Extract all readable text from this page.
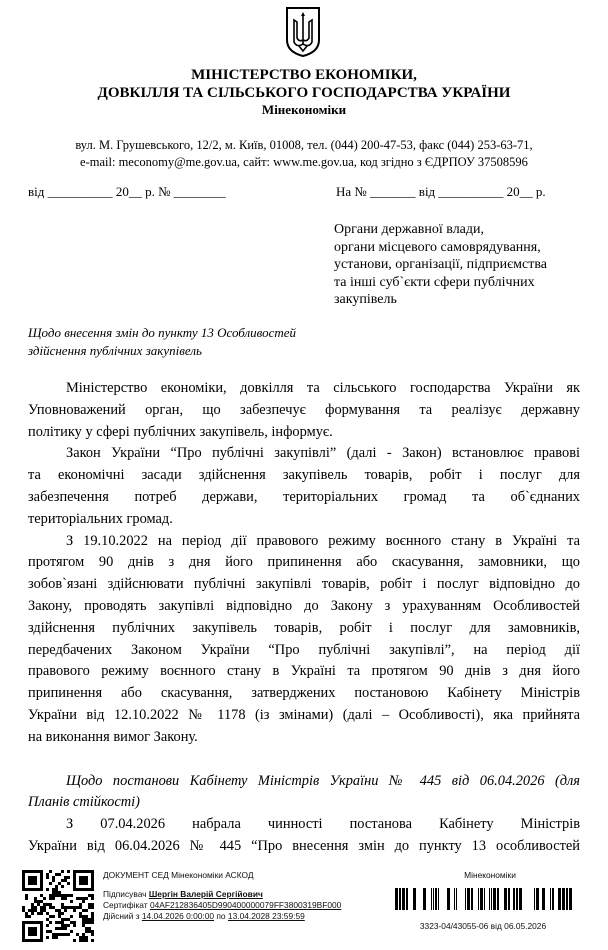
МІНІСТЕРСТВО ЕКОНОМІКИ,
ДОВКІЛЛЯ ТА СІЛЬСЬКОГО ГОСПОДАРСТВА УКРАЇНИ
Мінекономіки
вул. М. Грушевського, 12/2, м. Київ, 01008, тел. (044) 200-47-53, факс (044) 253-63-71,
e-mail: meconomy@me.gov.ua, сайт: www.me.gov.ua, код згідно з ЄДРПОУ 37508596
від __________ 20__ р. № ________	На № _______ від __________ 20__ р.
Органи державної влади,
органи місцевого самоврядування,
установи, організації, підприємства
та інші суб`єкти сфери публічних
закупівель
Щодо внесення змін до пункту 13 Особливостей
здійснення публічних закупівель
Міністерство економіки, довкілля та сільського господарства України як
Уповноважений орган, що забезпечує формування та реалізує державну
політику у сфері публічних закупівель, інформує.
Закон України “Про публічні закупівлі” (далі - Закон) встановлює правові
та економічні засади здійснення закупівель товарів, робіт і послуг для
забезпечення потреб держави, територіальних громад та об`єднаних
територіальних громад.
З 19.10.2022 на період дії правового режиму воєнного стану в Україні та
протягом 90 днів з дня його припинення або скасування, замовники, що
зобов`язані здійснювати публічні закупівлі товарів, робіт і послуг відповідно до
Закону, проводять закупівлі відповідно до Закону з урахуванням Особливостей
здійснення публічних закупівель товарів, робіт і послуг для замовників,
передбачених Законом України “Про публічні закупівлі”, на період дії
правового режиму воєнного стану в Україні та протягом 90 днів з дня його
припинення або скасування, затверджених постановою Кабінету Міністрів
України від 12.10.2022 № 1178 (із змінами) (далі – Особливості), яка прийнята
на виконання вимог Закону.
Щодо постанови Кабінету Міністрів України № 445 від 06.04.2026 (для
Планів стійкості)
З 07.04.2026 набрала чинності постанова Кабінету Міністрів
України від 06.04.2026 № 445 “Про внесення змін до пункту 13 особливостей
ДОКУМЕНТ СЕД Мінекономіки АСКОД
Підписувач Шергін Валерій Сергійович
Сертифікат 04AF212836405D990400000079FF3800319BF000
Дійсний з 14.04.2026 0:00:00 по 13.04.2028 23:59:59
Мінекономіки
3323-04/43055-06 від 06.05.2026
